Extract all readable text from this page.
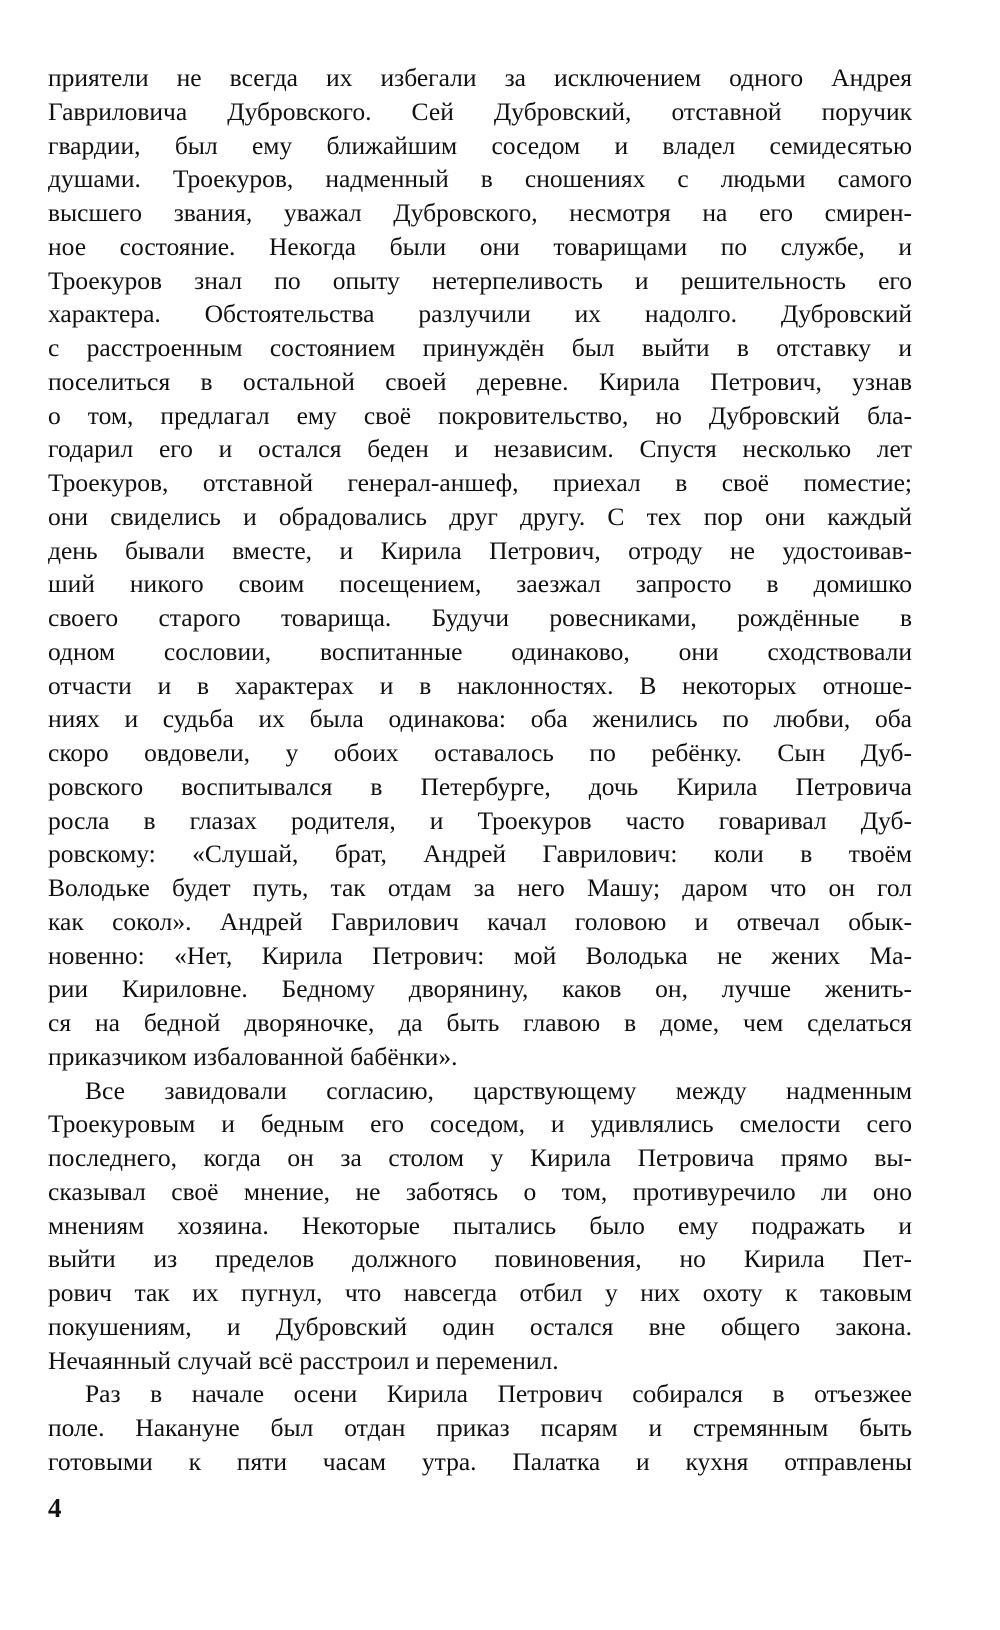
приятели не всегда их избегали за исключением одного Андрея
Гавриловича Дубровского. Сей Дубровский, отставной поручик
гвардии, был ему ближайшим соседом и владел семидесятью
душами. Троекуров, надменный в сношениях с людьми самого
высшего звания, уважал Дубровского, несмотря на его смирен-
ное состояние. Некогда были они товарищами по службе, и
Троекуров знал по опыту нетерпеливость и решительность его
характера. Обстоятельства разлучили их надолго. Дубровский
с расстроенным состоянием принуждён был выйти в отставку и
поселиться в остальной своей деревне. Кирила Петрович, узнав
о том, предлагал ему своё покровительство, но Дубровский бла-
годарил его и остался беден и независим. Спустя несколько лет
Троекуров, отставной генерал-аншеф, приехал в своё поместие;
они свиделись и обрадовались друг другу. С тех пор они каждый
день бывали вместе, и Кирила Петрович, отроду не удостоивав-
ший никого своим посещением, заезжал запросто в домишко
своего старого товарища. Будучи ровесниками, рождённые в
одном сословии, воспитанные одинаково, они сходствовали
отчасти и в характерах и в наклонностях. В некоторых отноше-
ниях и судьба их была одинакова: оба женились по любви, оба
скоро овдовели, у обоих оставалось по ребёнку. Сын Дуб-
ровского воспитывался в Петербурге, дочь Кирила Петровича
росла в глазах родителя, и Троекуров часто говаривал Дуб-
ровскому: «Слушай, брат, Андрей Гаврилович: коли в твоём
Володьке будет путь, так отдам за него Машу; даром что он гол
как сокол». Андрей Гаврилович качал головою и отвечал обык-
новенно: «Нет, Кирила Петрович: мой Володька не жених Ма-
рии Кириловне. Бедному дворянину, каков он, лучше женить-
ся на бедной дворяночке, да быть главою в доме, чем сделаться
приказчиком избалованной бабёнки».
Все завидовали согласию, царствующему между надменным
Троекуровым и бедным его соседом, и удивлялись смелости сего
последнего, когда он за столом у Кирила Петровича прямо вы-
сказывал своё мнение, не заботясь о том, противуречило ли оно
мнениям хозяина. Некоторые пытались было ему подражать и
выйти из пределов должного повиновения, но Кирила Пет-
рович так их пугнул, что навсегда отбил у них охоту к таковым
покушениям, и Дубровский один остался вне общего закона.
Нечаянный случай всё расстроил и переменил.
Раз в начале осени Кирила Петрович собирался в отъезжее
поле. Накануне был отдан приказ псарям и стремянным быть
готовыми к пяти часам утра. Палатка и кухня отправлены
4
